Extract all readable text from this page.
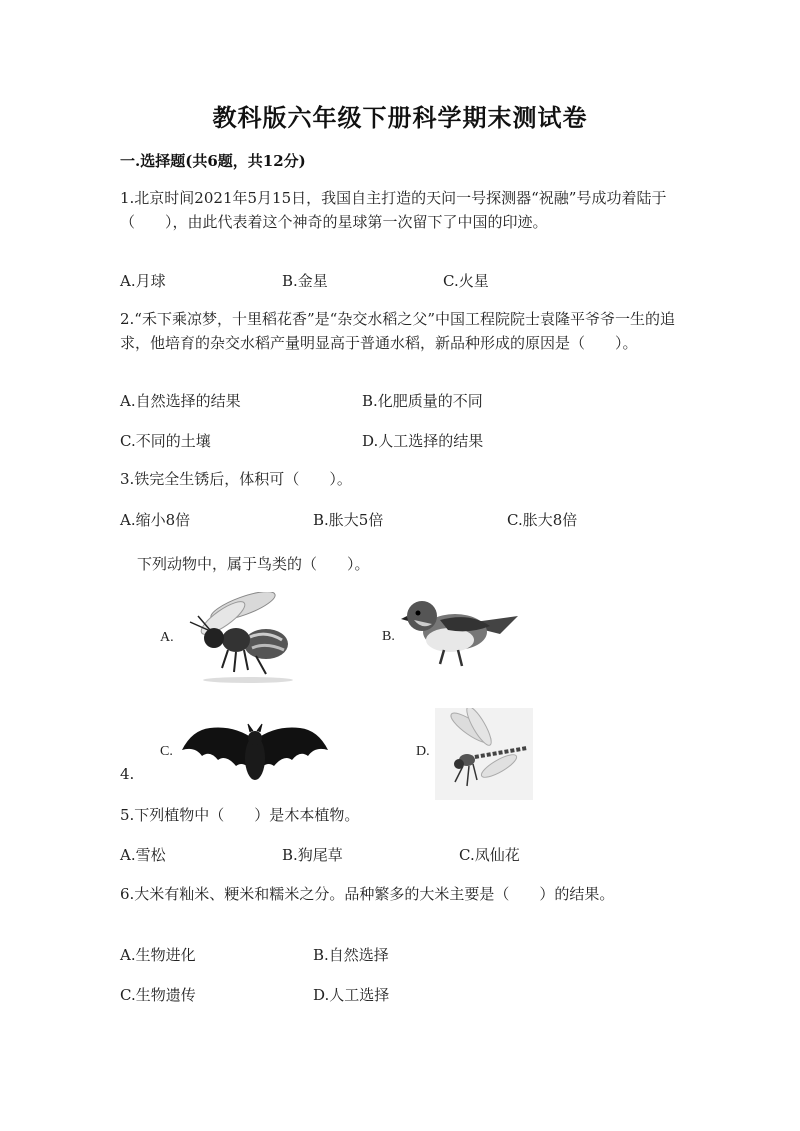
教科版六年级下册科学期末测试卷
一.选择题(共6题，共12分)
1.北京时间2021年5月15日，我国自主打造的天问一号探测器“祝融”号成功着陆于（　　），由此代表着这个神奇的星球第一次留下了中国的印迹。
A.月球	B.金星	C.火星
2.“禾下乘凉梦，十里稻花香”是“杂交水稻之父”中国工程院院士袁隆平爷爷一生的追求，他培育的杂交水稻产量明显高于普通水稻，新品种形成的原因是（　　）。
A.自然选择的结果	B.化肥质量的不同
C.不同的土壤	D.人工选择的结果
3.铁完全生锈后，体积可（　　）。
A.缩小8倍	B.胀大5倍	C.胀大8倍
下列动物中，属于鸟类的（　　）。
A.	B.
C.
4.
D.
5.下列植物中（　　）是木本植物。
A.雪松	B.狗尾草	C.凤仙花
6.大米有籼米、粳米和糯米之分。品种繁多的大米主要是（　　）的结果。
A.生物进化	B.自然选择
C.生物遗传	D.人工选择
